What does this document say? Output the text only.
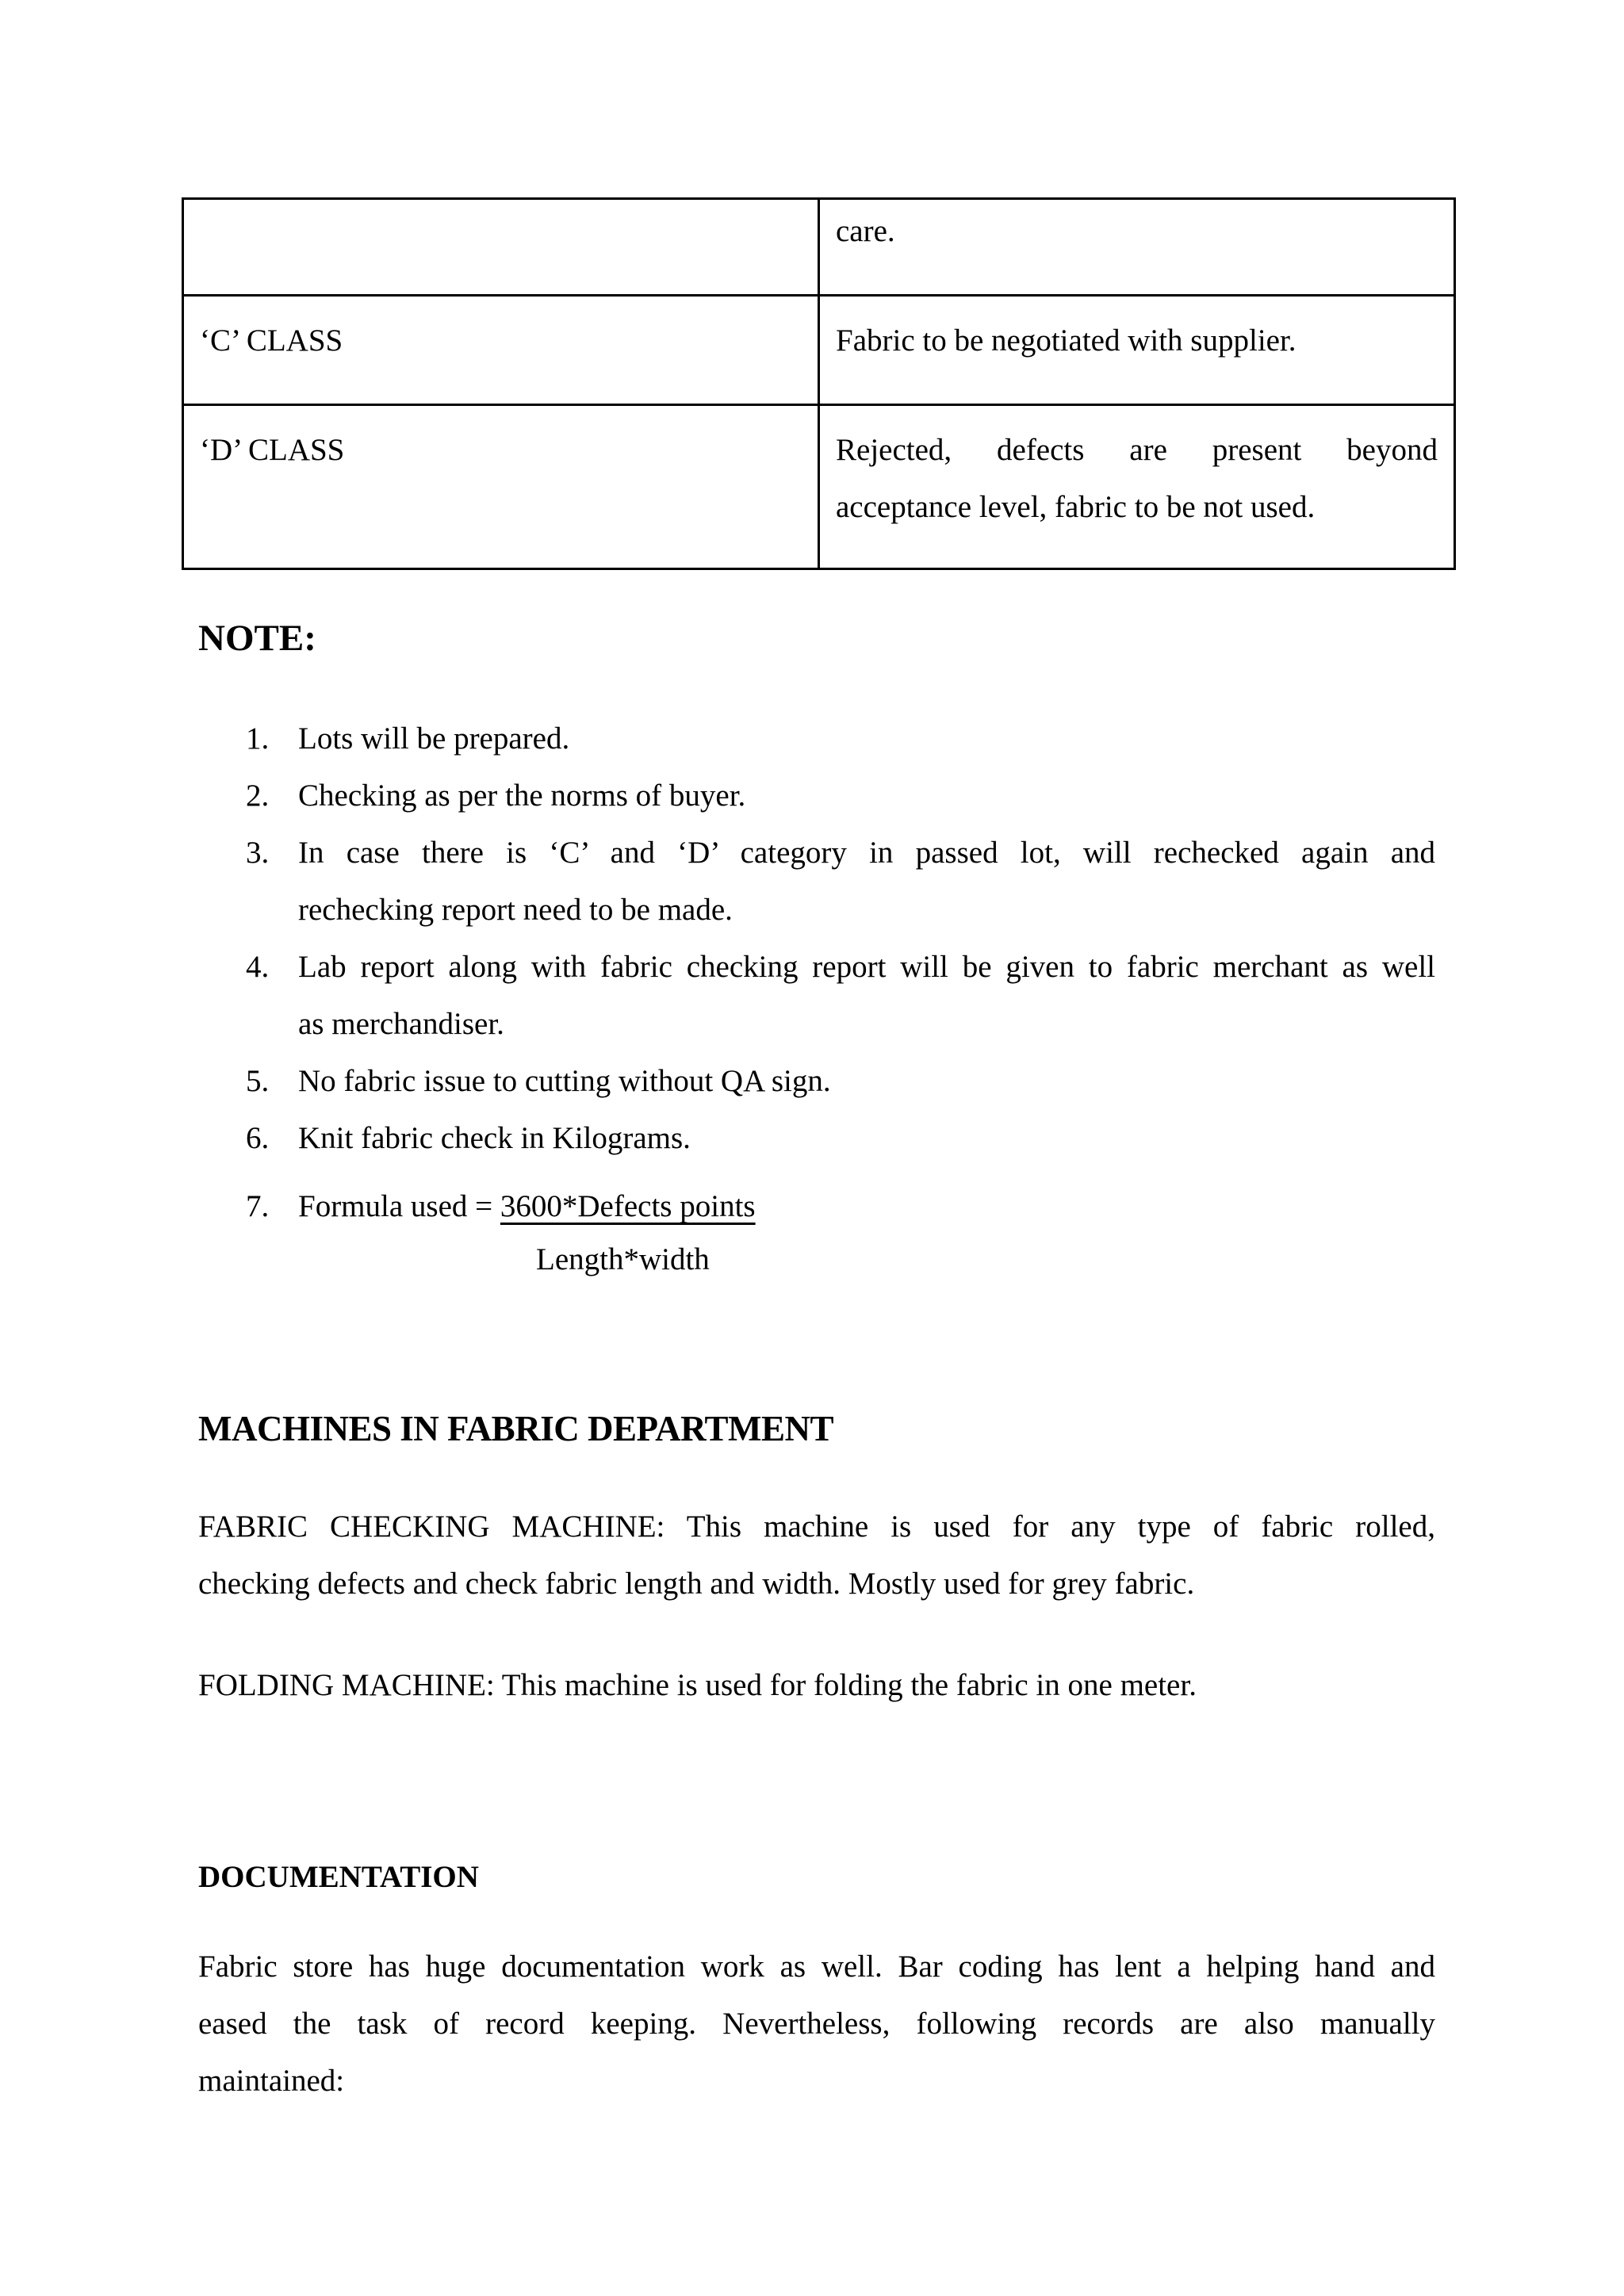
	care.

‘C’ CLASS	Fabric to be negotiated with supplier.

‘D’ CLASS	Rejected, defects are present beyond
acceptance level, fabric to be not used.
NOTE:
1. Lots will be prepared.
2. Checking as per the norms of buyer.
3. In case there is ‘C’ and ‘D’ category in passed lot, will rechecked again and
rechecking report need to be made.
4. Lab report along with fabric checking report will be given to fabric merchant as well
as merchandiser.
5. No fabric issue to cutting without QA sign.
6. Knit fabric check in Kilograms.
7. Formula used = 3600*Defects points
Length*width
MACHINES IN FABRIC DEPARTMENT

FABRIC CHECKING MACHINE: This machine is used for any type of fabric rolled,
checking defects and check fabric length and width. Mostly used for grey fabric.

FOLDING MACHINE: This machine is used for folding the fabric in one meter.

DOCUMENTATION

Fabric store has huge documentation work as well. Bar coding has lent a helping hand and
eased the task of record keeping. Nevertheless, following records are also manually
maintained:
